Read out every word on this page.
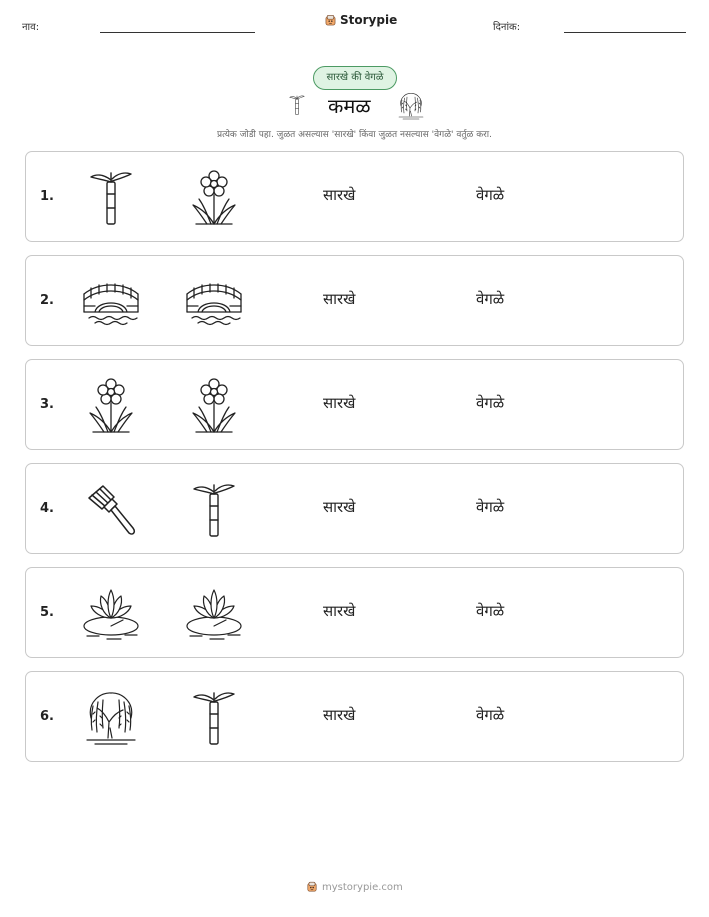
नाव:
Storypie
दिनांक:
सारखे की वेगळे
कमळ
प्रत्येक जोडी पहा. जुळत असल्यास 'सारखे' किंवा जुळत नसल्यास 'वेगळे' वर्तुळ करा.
1.	सारखे	वेगळे
2.	सारखे	वेगळे
3.	सारखे	वेगळे
4.	सारखे	वेगळे
5.	सारखे	वेगळे
6.	सारखे	वेगळे
mystorypie.com
